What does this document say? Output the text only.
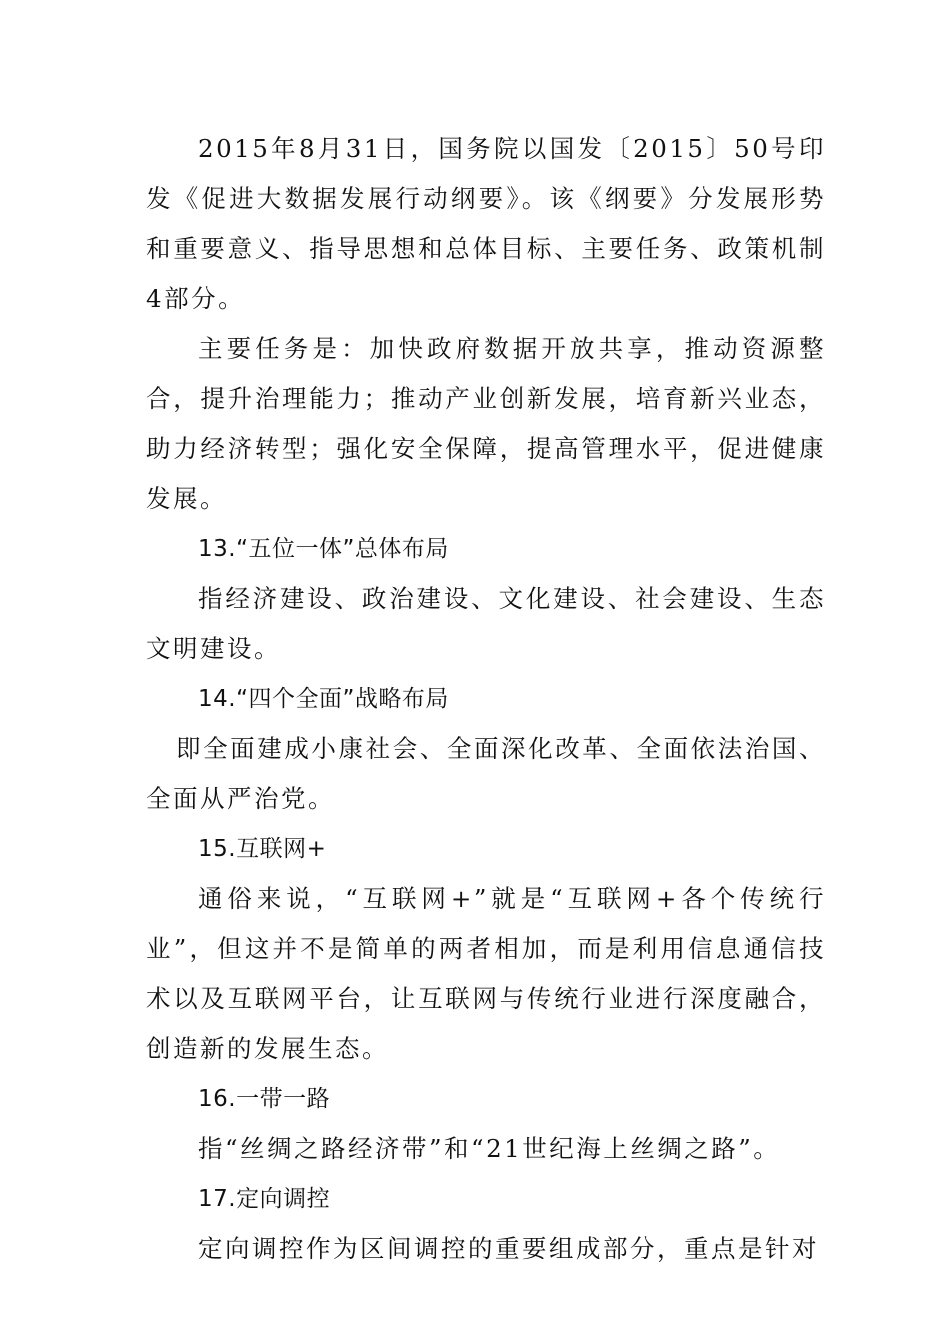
2015年8月31日，国务院以国发〔2015〕50号印发《促进大数据发展行动纲要》。该《纲要》分发展形势和重要意义、指导思想和总体目标、主要任务、政策机制4部分。

主要任务是：加快政府数据开放共享，推动资源整合，提升治理能力；推动产业创新发展，培育新兴业态，助力经济转型；强化安全保障，提高管理水平，促进健康发展。

13.“五位一体”总体布局

指经济建设、政治建设、文化建设、社会建设、生态文明建设。

14.“四个全面”战略布局

即全面建成小康社会、全面深化改革、全面依法治国、全面从严治党。

15.互联网+

通俗来说，“互联网+”就是“互联网+各个传统行业”，但这并不是简单的两者相加，而是利用信息通信技术以及互联网平台，让互联网与传统行业进行深度融合，创造新的发展生态。

16.一带一路

指“丝绸之路经济带”和“21世纪海上丝绸之路”。

17.定向调控

定向调控作为区间调控的重要组成部分，重点是针对
